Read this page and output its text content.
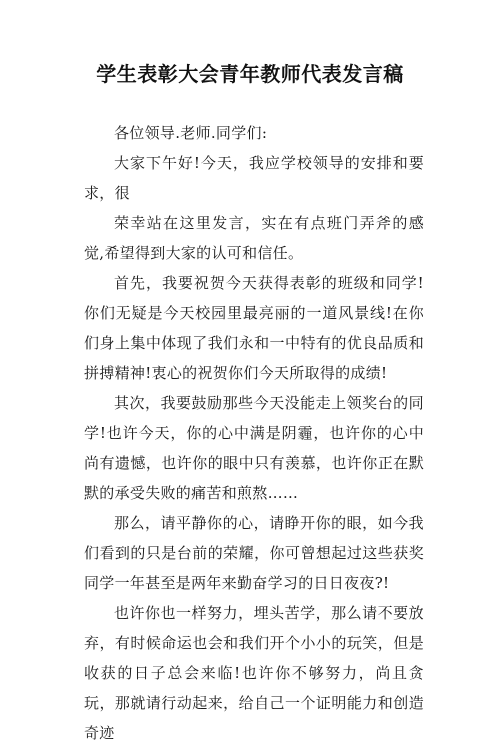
学生表彰大会青年教师代表发言稿

各位领导.老师.同学们:

大家下午好!今天，我应学校领导的安排和要求，很

荣幸站在这里发言，实在有点班门弄斧的感觉,希望得到大家的认可和信任。

首先，我要祝贺今天获得表彰的班级和同学!你们无疑是今天校园里最亮丽的一道风景线!在你们身上集中体现了我们永和一中特有的优良品质和拼搏精神!衷心的祝贺你们今天所取得的成绩!

其次，我要鼓励那些今天没能走上领奖台的同学!也许今天，你的心中满是阴霾，也许你的心中尚有遗憾，也许你的眼中只有羡慕，也许你正在默默的承受失败的痛苦和煎熬……

那么，请平静你的心，请睁开你的眼，如今我们看到的只是台前的荣耀，你可曾想起过这些获奖同学一年甚至是两年来勤奋学习的日日夜夜?!

也许你也一样努力，埋头苦学，那么请不要放弃，有时候命运也会和我们开个小小的玩笑，但是收获的日子总会来临!也许你不够努力，尚且贪玩，那就请行动起来，给自己一个证明能力和创造奇迹
